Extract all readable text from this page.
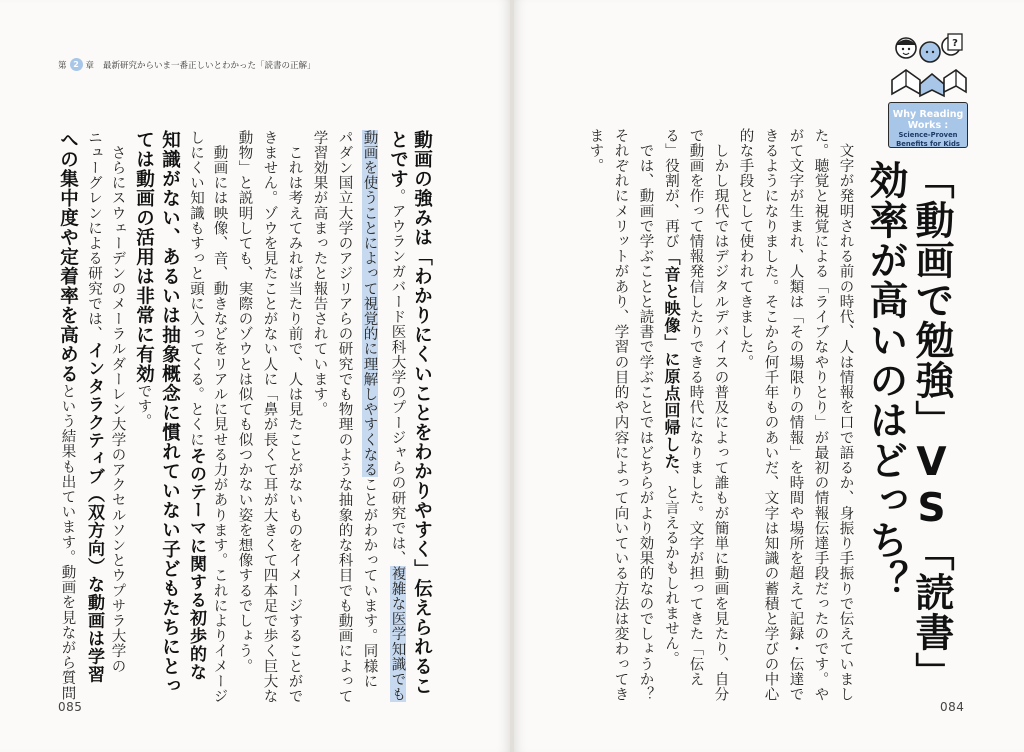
第 2 章 最新研究からいま一番正しいとわかった「読書の正解」
?
Why Reading Works :
Science-Proven
Benefits for Kids
「動画で勉強」VS「読書」
効率が高いのはどっち？
　文字が発明される前の時代、人は情報を口で語るか、身振り手振りで伝えていまし
た。聴覚と視覚による「ライブなやりとり」が最初の情報伝達手段だったのです。や
がて文字が生まれ、人類は「その場限りの情報」を時間や場所を超えて記録・伝達で
きるようになりました。そこから何千年ものあいだ、文字は知識の蓄積と学びの中心
的な手段として使われてきました。
　しかし現代ではデジタルデバイスの普及によって誰もが簡単に動画を見たり、自分
で動画を作って情報発信したりできる時代になりました。文字が担ってきた「伝え
る」役割が、再び「音と映像」に原点回帰した、と言えるかもしれません。
　では、動画で学ぶことと読書で学ぶことではどちらがより効果的なのでしょうか？
それぞれにメリットがあり、学習の目的や内容によって向いている方法は変わってき
ます。
動画の強みは「わかりにくいことをわかりやすく」伝えられるこ
とです。アウランガバード医科大学のプージャらの研究では、複雑な医学知識でも
動画を使うことによって視覚的に理解しやすくなることがわかっています。同様に
パダン国立大学のアジリアらの研究でも物理のような抽象的な科目でも動画によって
学習効果が高まったと報告されています。
　これは考えてみれば当たり前で、人は見たことがないものをイメージすることがで
きません。ゾウを見たことがない人に「鼻が長くて耳が大きくて四本足で歩く巨大な
動物」と説明しても、実際のゾウとは似ても似つかない姿を想像するでしょう。
　動画には映像、音、動きなどをリアルに見せる力があります。これによりイメージ
しにくい知識もすっと頭に入ってくる。とくにそのテーマに関する初歩的な
知識がない、あるいは抽象概念に慣れていない子どもたちにとっ
ては動画の活用は非常に有効です。
　さらにスウェーデンのメーラルダーレン大学のアクセルソンとウプサラ大学の
ニューグレンによる研究では、インタラクティブ（双方向）な動画は学習
への集中度や定着率を高めるという結果も出ています。動画を見ながら質問
085	084
